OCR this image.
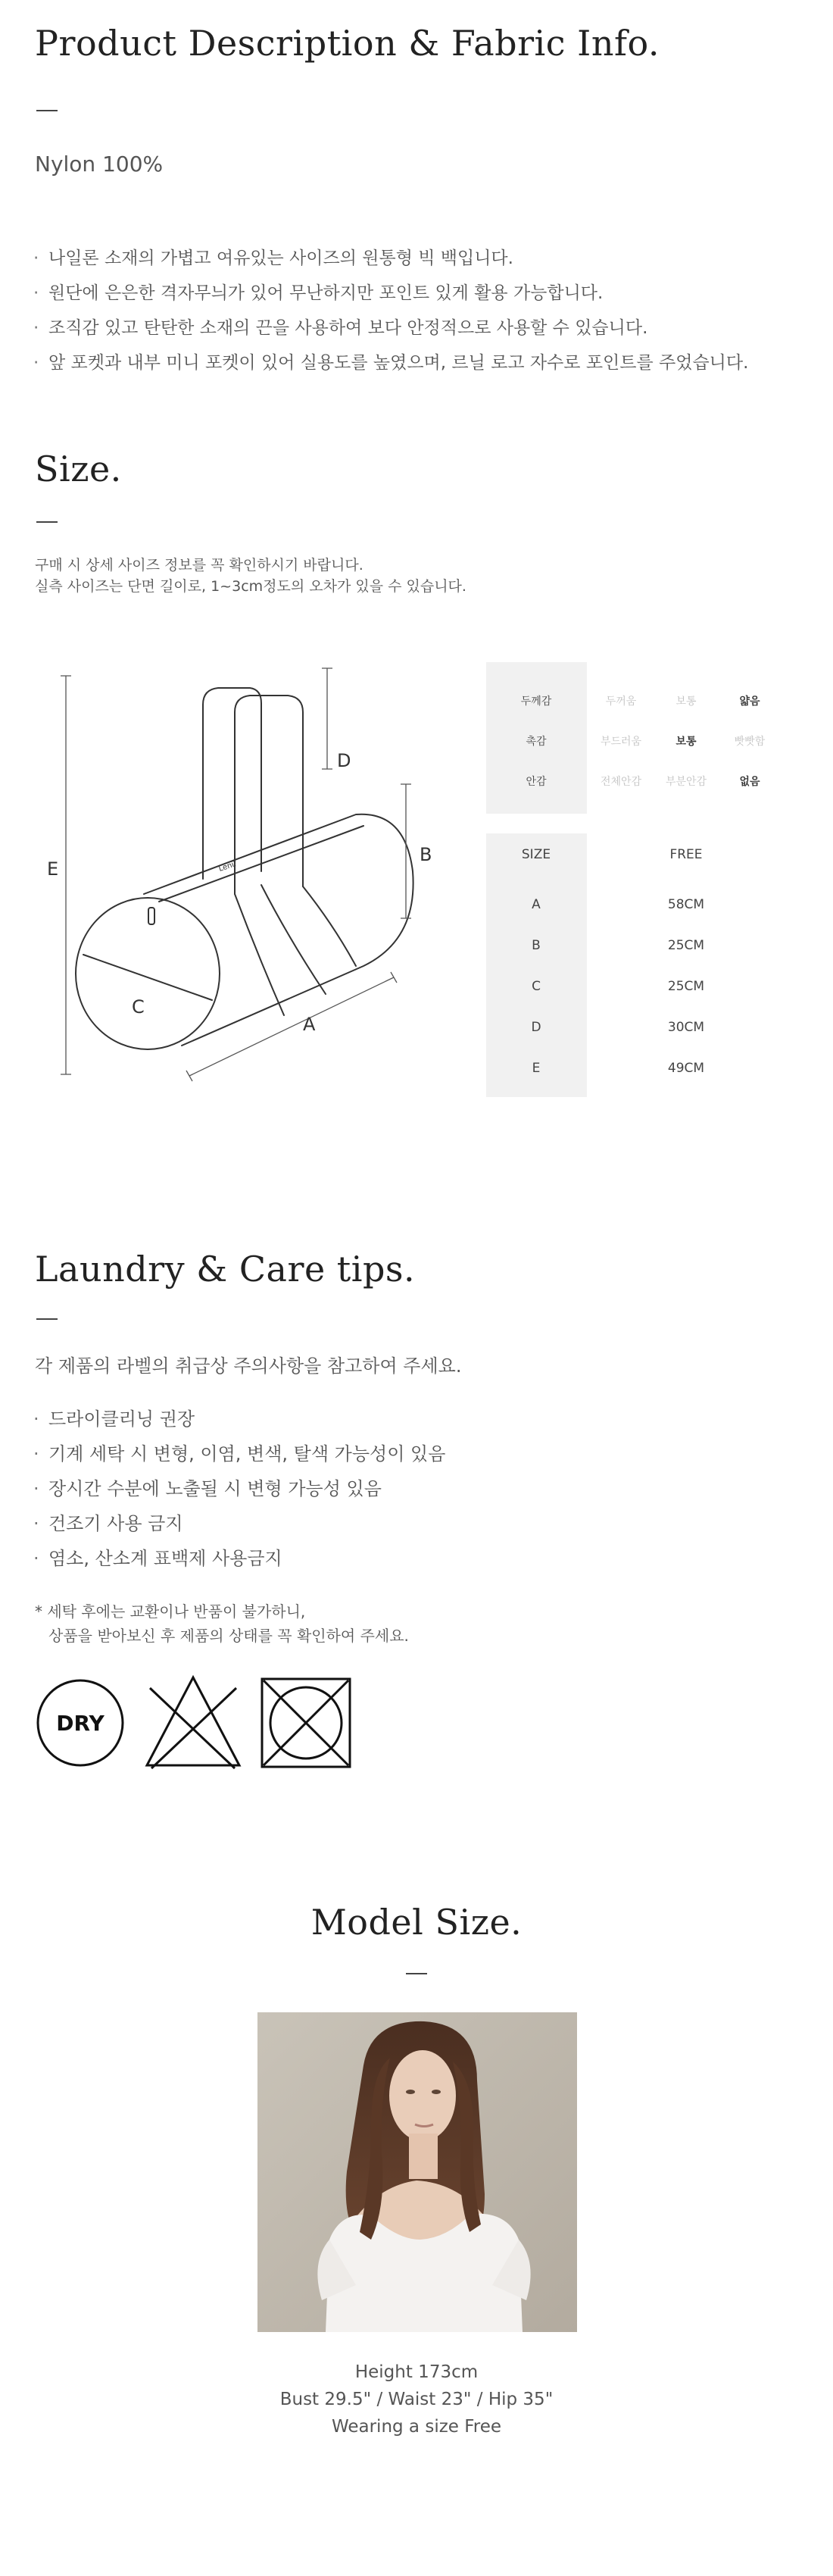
Product Description & Fabric Info.
Nylon 100%
· 나일론 소재의 가볍고 여유있는 사이즈의 원통형 빅 백입니다.
· 원단에 은은한 격자무늬가 있어 무난하지만 포인트 있게 활용 가능합니다.
· 조직감 있고 탄탄한 소재의 끈을 사용하여 보다 안정적으로 사용할 수 있습니다.
· 앞 포켓과 내부 미니 포켓이 있어 실용도를 높였으며, 르닐 로고 자수로 포인트를 주었습니다.
Size.
구매 시 상세 사이즈 정보를 꼭 확인하시기 바랍니다.
실측 사이즈는 단면 길이로, 1~3cm정도의 오차가 있을 수 있습니다.
Lenil
E
D
B
C
A
두께감	두꺼움	보통	얇음
촉감	부드러움	보통	빳빳함
안감	전체안감	부분안감	없음
SIZE	FREE
A	58CM
B	25CM
C	25CM
D	30CM
E	49CM
Laundry & Care tips.
각 제품의 라벨의 취급상 주의사항을 참고하여 주세요.
· 드라이클리닝 권장
· 기계 세탁 시 변형, 이염, 변색, 탈색 가능성이 있음
· 장시간 수분에 노출될 시 변형 가능성 있음
· 건조기 사용 금지
· 염소, 산소계 표백제 사용금지
* 세탁 후에는 교환이나 반품이 불가하니,
상품을 받아보신 후 제품의 상태를 꼭 확인하여 주세요.
DRY
Model Size.
Height 173cm
Bust 29.5" / Waist 23" / Hip 35"
Wearing a size Free
